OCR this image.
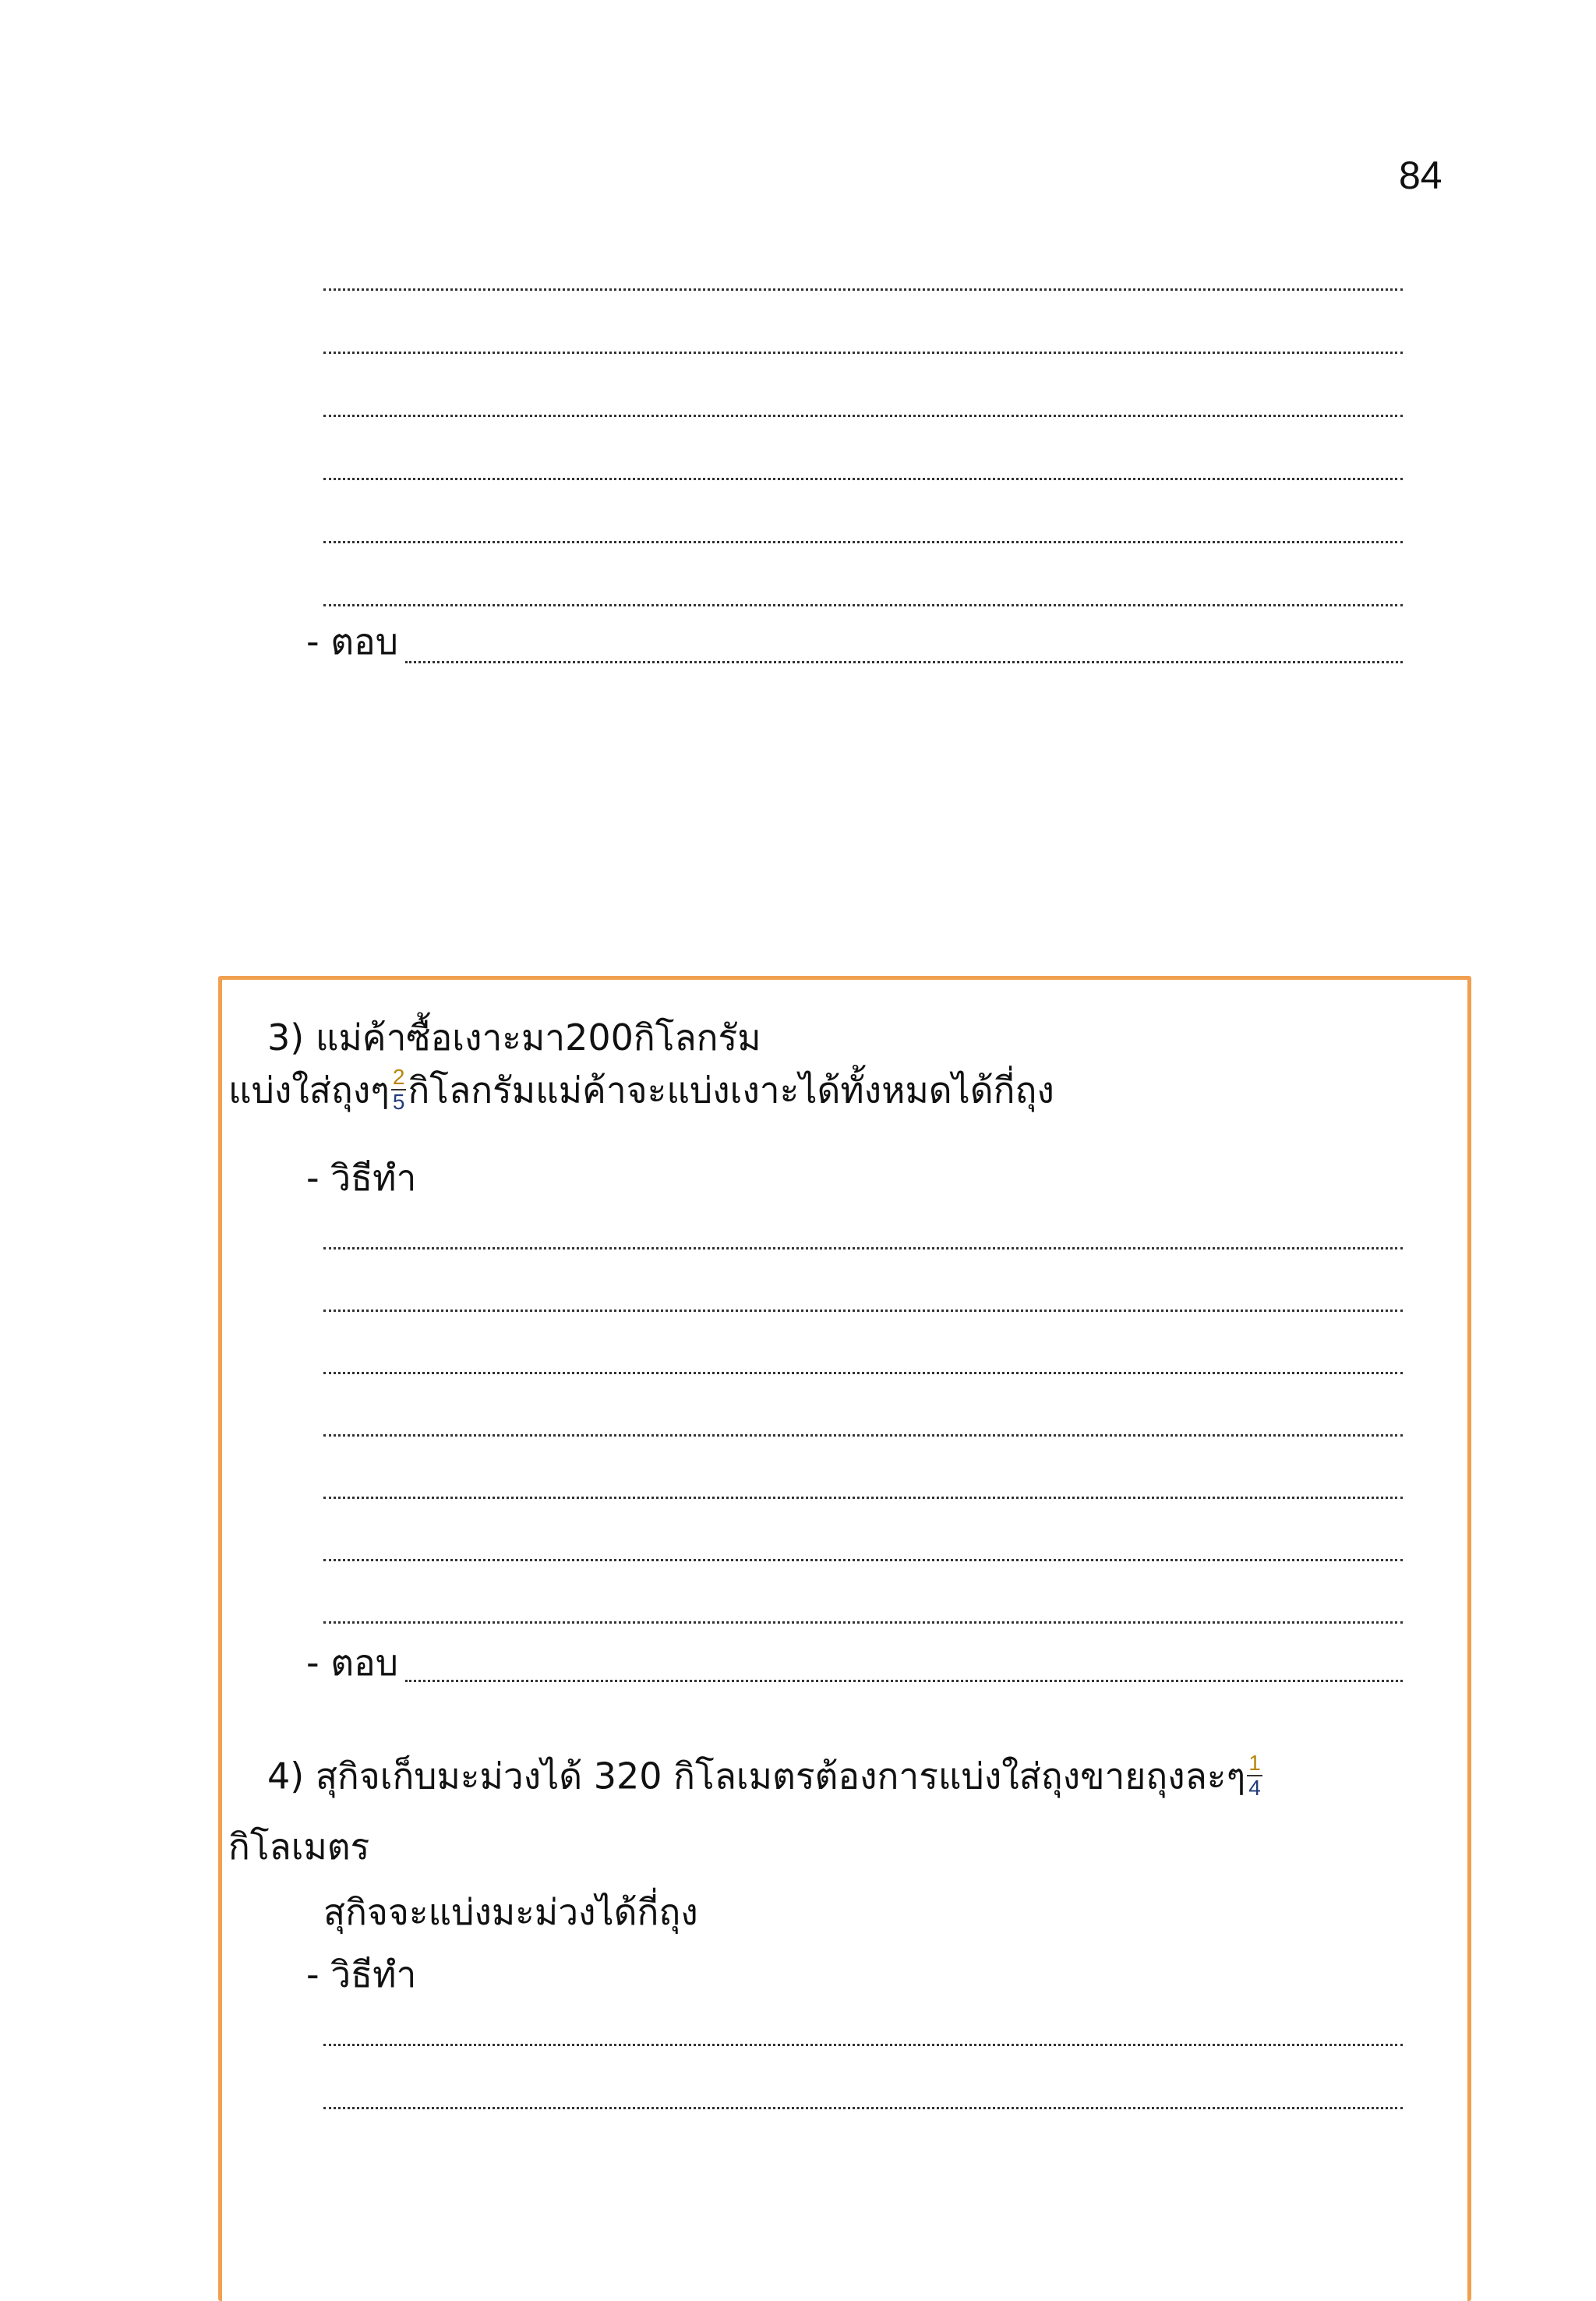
84
- ตอบ
3) แม่ค้าซื้อเงาะมา200กิโลกรัม
แบ่งใส่ถุงๆ $\frac{2}{5}$ กิโลกรัมแม่ค้าจะแบ่งเงาะได้ทั้งหมดได้กี่ถุง
- วิธีทำ
- ตอบ
4) สุกิจเก็บมะม่วงได้ 320 กิโลเมตรต้องการแบ่งใส่ถุงขายถุงละๆ $\frac{1}{4}$
กิโลเมตร
สุกิจจะแบ่งมะม่วงได้กี่ถุง
- วิธีทำ
